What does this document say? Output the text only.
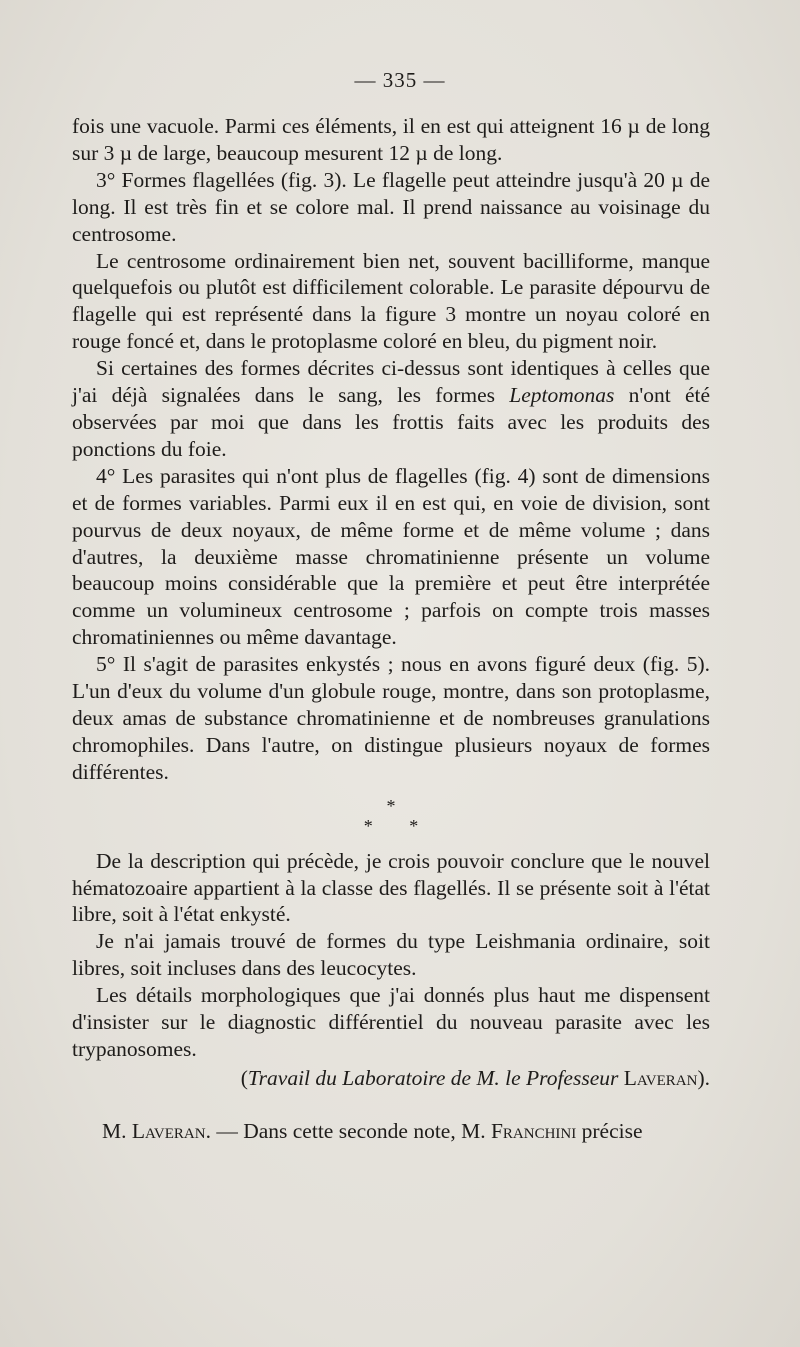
— 335 —

fois une vacuole. Parmi ces éléments, il en est qui atteignent 16 µ de long sur 3 µ de large, beaucoup mesurent 12 µ de long.

3° Formes flagellées (fig. 3). Le flagelle peut atteindre jusqu'à 20 µ de long. Il est très fin et se colore mal. Il prend naissance au voisinage du centrosome.

Le centrosome ordinairement bien net, souvent bacilliforme, manque quelquefois ou plutôt est difficilement colorable. Le parasite dépourvu de flagelle qui est représenté dans la figure 3 montre un noyau coloré en rouge foncé et, dans le protoplasme coloré en bleu, du pigment noir.

Si certaines des formes décrites ci-dessus sont identiques à celles que j'ai déjà signalées dans le sang, les formes Leptomonas n'ont été observées par moi que dans les frottis faits avec les produits des ponctions du foie.

4° Les parasites qui n'ont plus de flagelles (fig. 4) sont de dimensions et de formes variables. Parmi eux il en est qui, en voie de division, sont pourvus de deux noyaux, de même forme et de même volume ; dans d'autres, la deuxième masse chromatinienne présente un volume beaucoup moins considérable que la première et peut être interprétée comme un volumineux centrosome ; parfois on compte trois masses chromatiniennes ou même davantage.

5° Il s'agit de parasites enkystés ; nous en avons figuré deux (fig. 5). L'un d'eux du volume d'un globule rouge, montre, dans son protoplasme, deux amas de substance chromatinienne et de nombreuses granulations chromophiles. Dans l'autre, on distingue plusieurs noyaux de formes différentes.

*
* *

De la description qui précède, je crois pouvoir conclure que le nouvel hématozoaire appartient à la classe des flagellés. Il se présente soit à l'état libre, soit à l'état enkysté.

Je n'ai jamais trouvé de formes du type Leishmania ordinaire, soit libres, soit incluses dans des leucocytes.

Les détails morphologiques que j'ai donnés plus haut me dispensent d'insister sur le diagnostic différentiel du nouveau parasite avec les trypanosomes.

(Travail du Laboratoire de M. le Professeur Laveran).

M. Laveran. — Dans cette seconde note, M. Franchini précise
